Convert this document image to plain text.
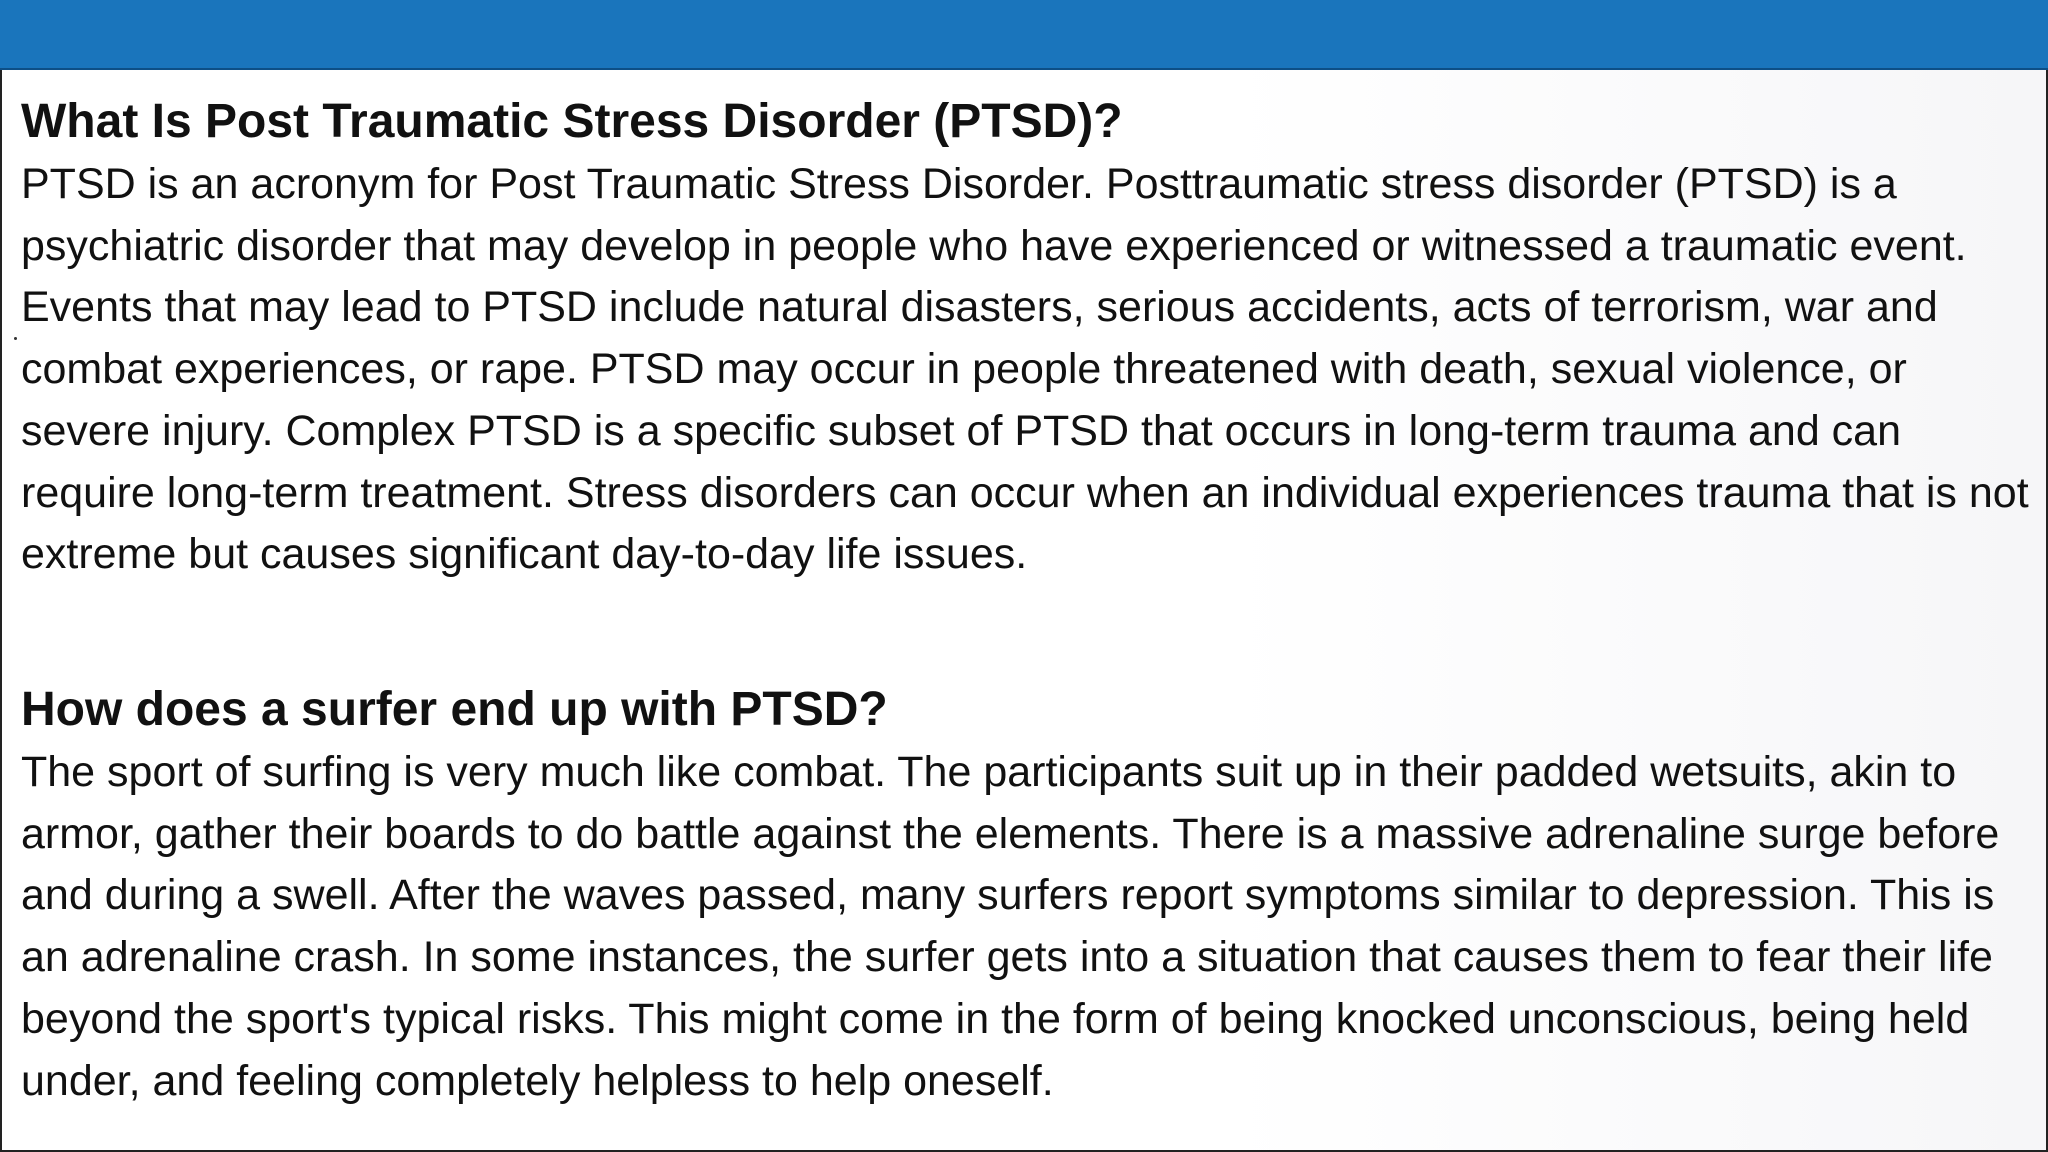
What Is Post Traumatic Stress Disorder (PTSD)?

PTSD is an acronym for Post Traumatic Stress Disorder. Posttraumatic stress disorder (PTSD) is a psychiatric disorder that may develop in people who have experienced or witnessed a traumatic event. Events that may lead to PTSD include natural disasters, serious accidents, acts of terrorism, war and combat experiences, or rape. PTSD may occur in people threatened with death, sexual violence, or severe injury. Complex PTSD is a specific subset of PTSD that occurs in long-term trauma and can require long-term treatment. Stress disorders can occur when an individual experiences trauma that is not extreme but causes significant day-to-day life issues.

How does a surfer end up with PTSD?

The sport of surfing is very much like combat. The participants suit up in their padded wetsuits, akin to armor, gather their boards to do battle against the elements. There is a massive adrenaline surge before and during a swell. After the waves passed, many surfers report symptoms similar to depression. This is an adrenaline crash. In some instances, the surfer gets into a situation that causes them to fear their life beyond the sport's typical risks. This might come in the form of being knocked unconscious, being held under, and feeling completely helpless to help oneself.
